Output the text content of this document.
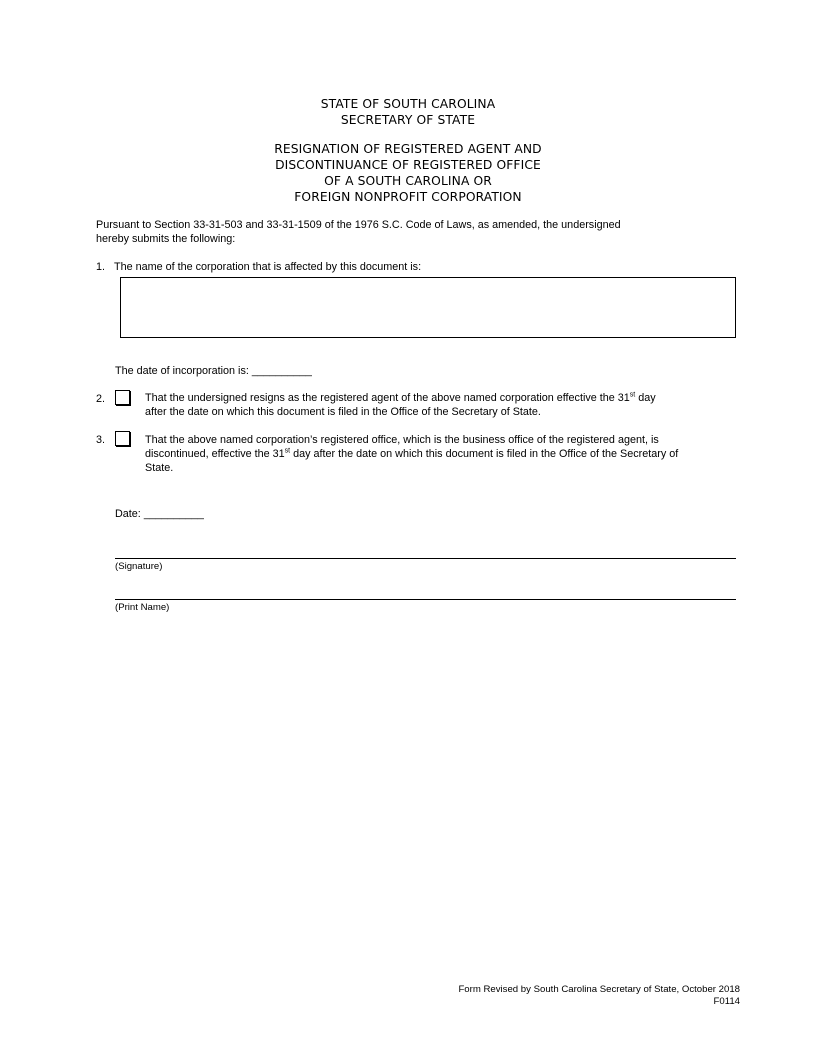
STATE OF SOUTH CAROLINA
SECRETARY OF STATE
RESIGNATION OF REGISTERED AGENT AND
DISCONTINUANCE OF REGISTERED OFFICE
OF A SOUTH CAROLINA OR
FOREIGN NONPROFIT CORPORATION
Pursuant to Section 33-31-503 and 33-31-1509 of the 1976 S.C. Code of Laws, as amended, the undersigned
hereby submits the following:
1. The name of the corporation that is affected by this document is:
The date of incorporation is: __________
2.	That the undersigned resigns as the registered agent of the above named corporation effective the 31st day
after the date on which this document is filed in the Office of the Secretary of State.
3.	That the above named corporation’s registered office, which is the business office of the registered agent, is
discontinued, effective the 31st day after the date on which this document is filed in the Office of the Secretary of
State.
Date: __________
(Signature)
(Print Name)
Form Revised by South Carolina Secretary of State, October 2018
F0114
